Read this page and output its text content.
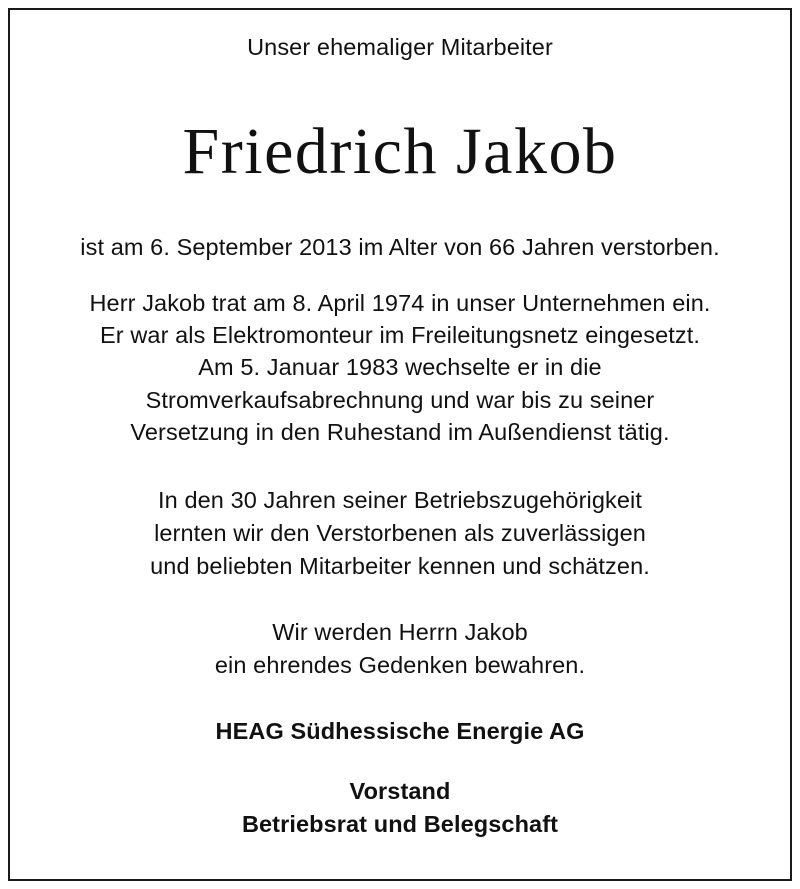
Unser ehemaliger Mitarbeiter
Friedrich Jakob
ist am 6. September 2013 im Alter von 66 Jahren verstorben.
Herr Jakob trat am 8. April 1974 in unser Unternehmen ein.
Er war als Elektromonteur im Freileitungsnetz eingesetzt.
Am 5. Januar 1983 wechselte er in die
Stromverkaufsabrechnung und war bis zu seiner
Versetzung in den Ruhestand im Außendienst tätig.
In den 30 Jahren seiner Betriebszugehörigkeit
lernten wir den Verstorbenen als zuverlässigen
und beliebten Mitarbeiter kennen und schätzen.
Wir werden Herrn Jakob
ein ehrendes Gedenken bewahren.
HEAG Südhessische Energie AG
Vorstand
Betriebsrat und Belegschaft
